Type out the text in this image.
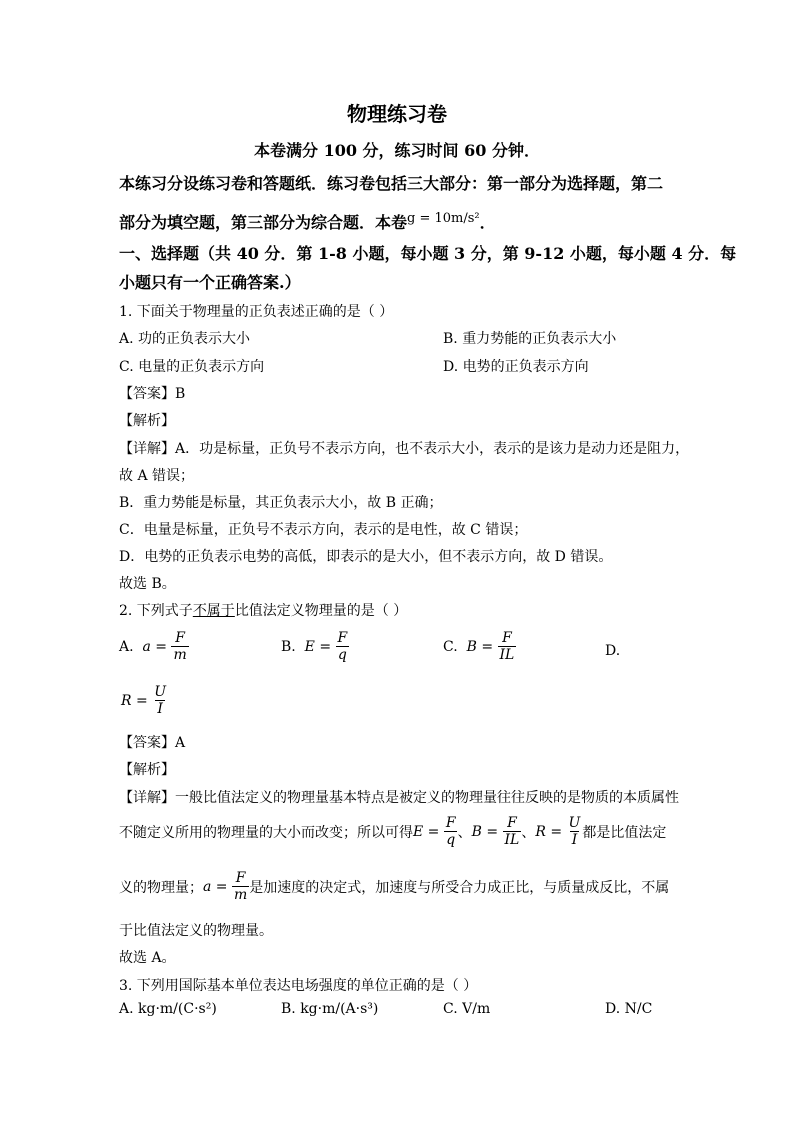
物理练习卷
本卷满分 100 分，练习时间 60 分钟．
本练习分设练习卷和答题纸．练习卷包括三大部分：第一部分为选择题，第二
部分为填空题，第三部分为综合题．本卷$^{g = 10m/s^2}$．
一、选择题（共 40 分．第 1-8 小题，每小题 3 分，第 9-12 小题，每小题 4 分．每
小题只有一个正确答案.）
1. 下面关于物理量的正负表述正确的是（ ）
A. 功的正负表示大小	B. 重力势能的正负表示大小
C. 电量的正负表示方向	D. 电势的正负表示方向
【答案】B
【解析】
【详解】A．功是标量，正负号不表示方向，也不表示大小，表示的是该力是动力还是阻力，
故 A 错误；
B．重力势能是标量，其正负表示大小，故 B 正确；
C．电量是标量，正负号不表示方向，表示的是电性，故 C 错误；
D．电势的正负表示电势的高低，即表示的是大小，但不表示方向，故 D 错误。
故选 B。
2. 下列式子不属于比值法定义物理量的是（ ）
A.
$a = \frac{F}{m}$	B.
$E = \frac{F}{q}$	C.
$B = \frac{F}{IL}$	D.
$R = \frac{U}{I}$
【答案】A
【解析】
【详解】一般比值法定义的物理量基本特点是被定义的物理量往往反映的是物质的本质属性
不随定义所用的物理量的大小而改变；所以可得 $E = \frac{F}{q}$ 、 $B = \frac{F}{IL}$ 、 $R = \frac{U}{I}$ 都是比值法定
义的物理量； $a = \frac{F}{m}$ 是加速度的决定式，加速度与所受合力成正比，与质量成反比，不属
于比值法定义的物理量。
故选 A。
3. 下列用国际基本单位表达电场强度的单位正确的是（ ）
A. kg·m/(C·s²)	B. kg·m/(A·s³)	C. V/m	D. N/C
